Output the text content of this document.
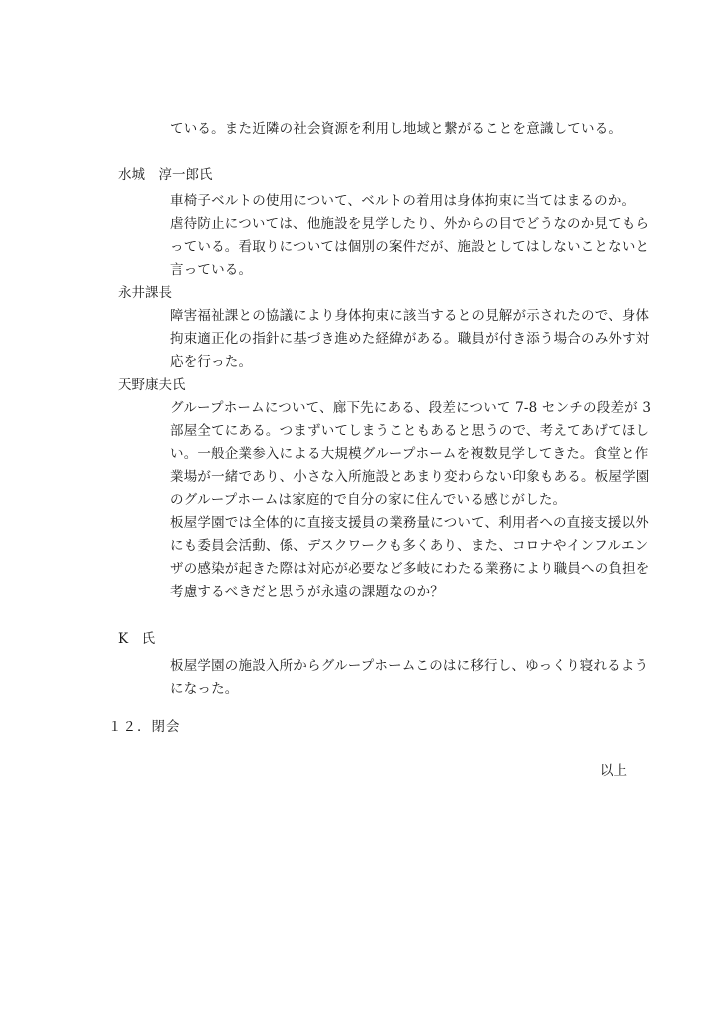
ている。また近隣の社会資源を利用し地域と繋がることを意識している。
水城　淳一郎氏
車椅子ベルトの使用について、ベルトの着用は身体拘束に当てはまるのか。
虐待防止については、他施設を見学したり、外からの目でどうなのか見てもら
っている。看取りについては個別の案件だが、施設としてはしないことないと
言っている。
永井課長
障害福祉課との協議により身体拘束に該当するとの見解が示されたので、身体
拘束適正化の指針に基づき進めた経緯がある。職員が付き添う場合のみ外す対
応を行った。
天野康夫氏
グループホームについて、廊下先にある、段差について 7-8 センチの段差が 3
部屋全てにある。つまずいてしまうこともあると思うので、考えてあげてほし
い。一般企業参入による大規模グループホームを複数見学してきた。食堂と作
業場が一緒であり、小さな入所施設とあまり変わらない印象もある。板屋学園
のグループホームは家庭的で自分の家に住んでいる感じがした。
板屋学園では全体的に直接支援員の業務量について、利用者への直接支援以外
にも委員会活動、係、デスクワークも多くあり、また、コロナやインフルエン
ザの感染が起きた際は対応が必要など多岐にわたる業務により職員への負担を
考慮するべきだと思うが永遠の課題なのか？
K　氏
板屋学園の施設入所からグループホームこのはに移行し、ゆっくり寝れるよう
になった。
１２．閉会
以上
